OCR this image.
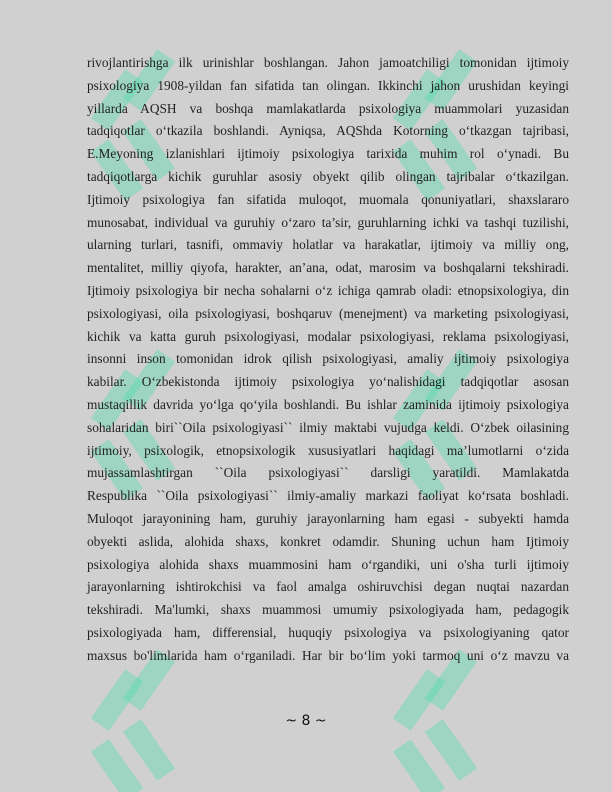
rivojlantirishga ilk urinishlar boshlangan. Jahon jamoatchiligi tomonidan ijtimoiy
psixologiya 1908-yildan fan sifatida tan olingan. Ikkinchi jahon urushidan keyingi
yillarda AQSH va boshqa mamlakatlarda psixologiya muammolari yuzasidan
tadqiqotlar o‘tkazila boshlandi. Ayniqsa, AQShda Kotorning o‘tkazgan tajribasi,
E.Meyoning izlanishlari ijtimoiy psixologiya tarixida muhim rol o‘ynadi. Bu
tadqiqotlarga kichik guruhlar asosiy obyekt qilib olingan tajribalar o‘tkazilgan.
Ijtimoiy psixologiya fan sifatida muloqot, muomala qonuniyatlari, shaxslararo
munosabat, individual va guruhiy o‘zaro ta’sir, guruhlarning ichki va tashqi tuzilishi,
ularning turlari, tasnifi, ommaviy holatlar va harakatlar, ijtimoiy va milliy ong,
mentalitet, milliy qiyofa, harakter, an’ana, odat, marosim va boshqalarni tekshiradi.
Ijtimoiy psixologiya bir necha sohalarni o‘z ichiga qamrab oladi: etnopsixologiya, din
psixologiyasi, oila psixologiyasi, boshqaruv (menejment) va marketing psixologiyasi,
kichik va katta guruh psixologiyasi, modalar psixologiyasi, reklama psixologiyasi,
insonni inson tomonidan idrok qilish psixologiyasi, amaliy ijtimoiy psixologiya
kabilar. O‘zbekistonda ijtimoiy psixologiya yo‘nalishidagi tadqiqotlar asosan
mustaqillik davrida yo‘lga qo‘yila boshlandi. Bu ishlar zaminida ijtimoiy psixologiya
sohalaridan biri``Oila psixologiyasi`` ilmiy maktabi vujudga keldi. O‘zbek oilasining
ijtimoiy, psixologik, etnopsixologik xususiyatlari haqidagi ma’lumotlarni o‘zida
mujassamlashtirgan ``Oila psixologiyasi`` darsligi yaratildi. Mamlakatda
Respublika ``Oila psixologiyasi`` ilmiy-amaliy markazi faoliyat ko‘rsata boshladi.
Muloqot jarayonining ham, guruhiy jarayonlarning ham egasi - subyekti hamda
obyekti aslida, alohida shaxs, konkret odamdir. Shuning uchun ham Ijtimoiy
psixologiya alohida shaxs muammosini ham o‘rgandiki, uni o'sha turli ijtimoiy
jarayonlarning ishtirokchisi va faol amalga oshiruvchisi degan nuqtai nazardan
tekshiradi. Ma'lumki, shaxs muammosi umumiy psixologiyada ham, pedagogik
psixologiyada ham, differensial, huquqiy psixologiya va psixologiyaning qator
maxsus bo'limlarida ham o‘rganiladi. Har bir bo‘lim yoki tarmoq uni o‘z mavzu va
~ 8 ~
